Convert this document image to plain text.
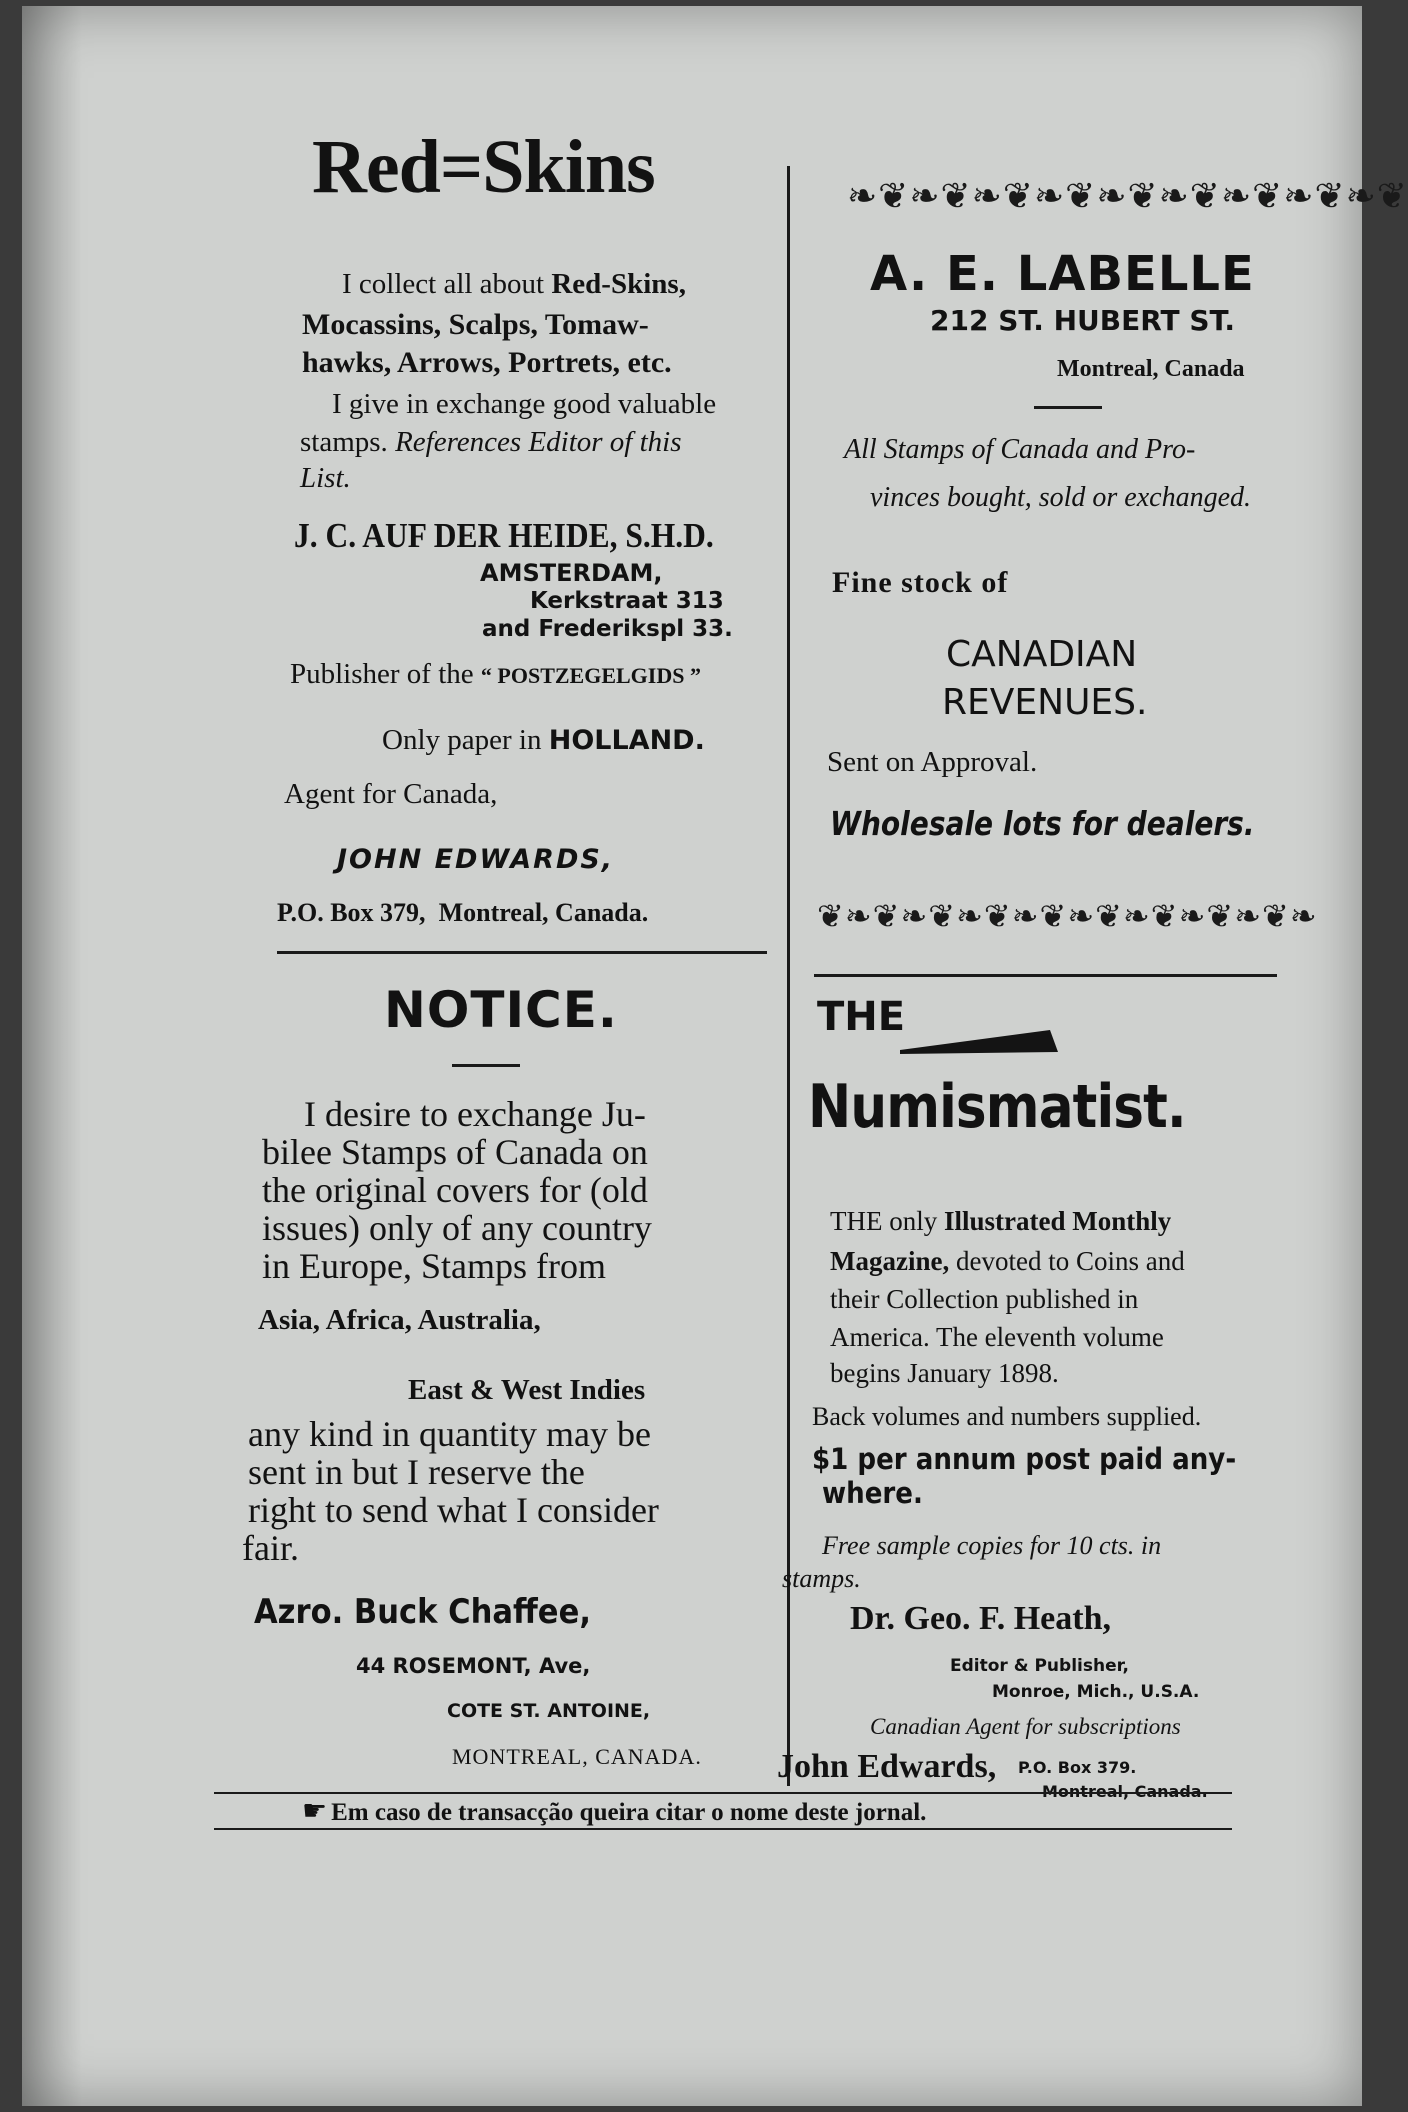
Red=Skins
I collect all about Red-Skins,
Mocassins, Scalps, Tomaw-
hawks, Arrows, Portrets, etc.
I give in exchange good valuable
stamps. References Editor of this
List.
J. C. AUF DER HEIDE, S.H.D.
AMSTERDAM,
Kerkstraat 313
and Frederikspl 33.
Publisher of the “ POSTZEGELGIDS ”
Only paper in HOLLAND.
Agent for Canada,
JOHN EDWARDS,
P.O. Box 379, Montreal, Canada.
NOTICE.
I desire to exchange Ju-
bilee Stamps of Canada on
the original covers for (old
issues) only of any country
in Europe, Stamps from
Asia, Africa, Australia,
East & West Indies
any kind in quantity may be
sent in but I reserve the
right to send what I consider
fair.
Azro. Buck Chaffee,
44 ROSEMONT, Ave,
COTE ST. ANTOINE,
MONTREAL, CANADA.
❧❦❧❦❧❦❧❦❧❦❧❦❧❦❧❦❧❦
A. E. LABELLE
212 ST. HUBERT ST.
Montreal, Canada
All Stamps of Canada and Pro-
vinces bought, sold or exchanged.
Fine stock of
CANADIAN
REVENUES.
Sent on Approval.
Wholesale lots for dealers.
❦❧❦❧❦❧❦❧❦❧❦❧❦❧❦❧❦❧
THE
Numismatist.
THE only Illustrated Monthly
Magazine, devoted to Coins and
their Collection published in
America. The eleventh volume
begins January 1898.
Back volumes and numbers supplied.
$1 per annum post paid any-
where.
Free sample copies for 10 cts. in
stamps.
Dr. Geo. F. Heath,
Editor & Publisher,
Monroe, Mich., U.S.A.
Canadian Agent for subscriptions
John Edwards, P.O. Box 379.
☛ Em caso de transacção queira citar o nome deste jornal.
